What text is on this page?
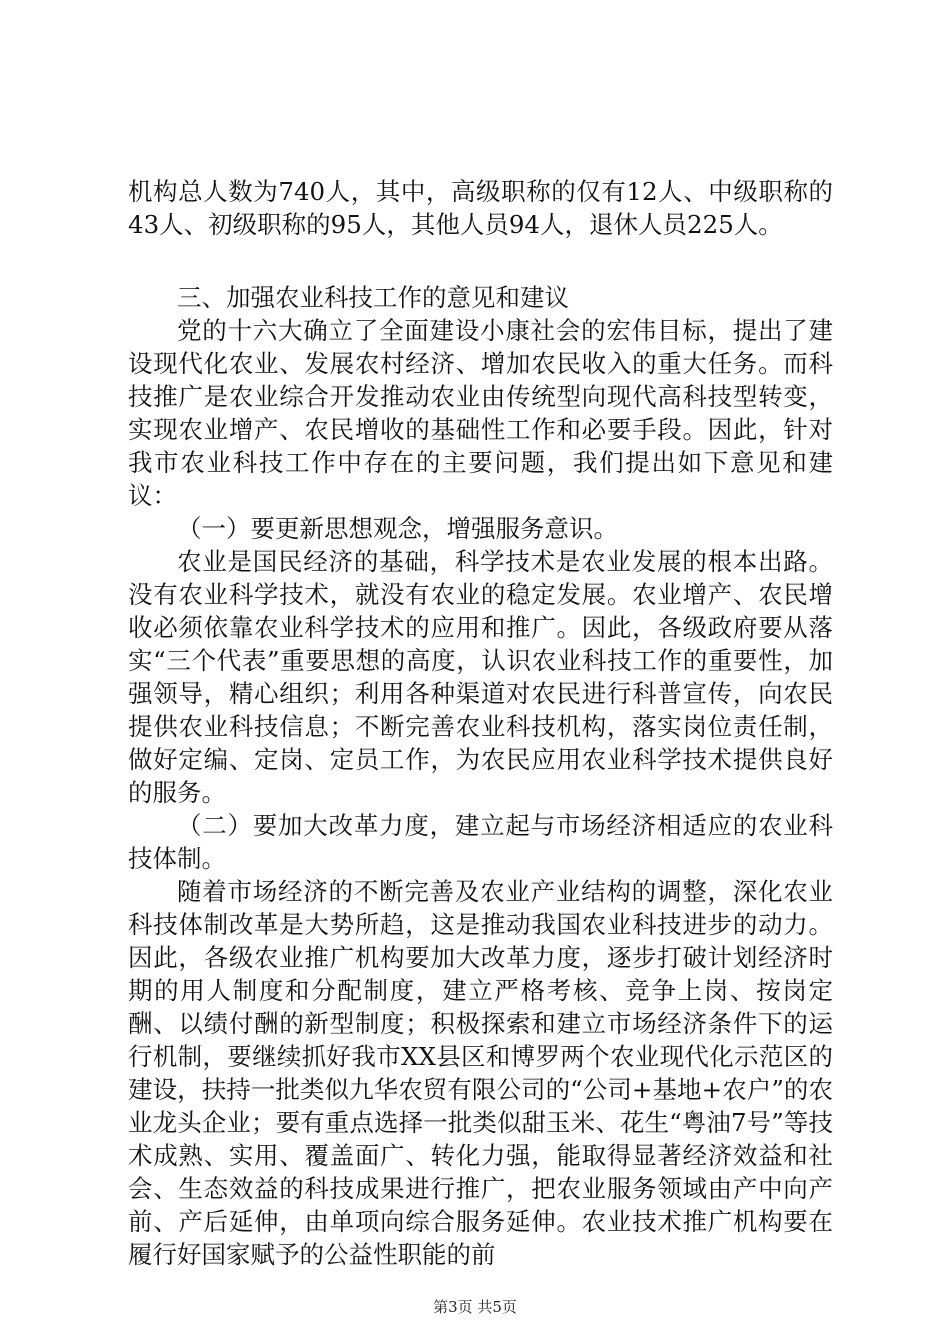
机构总人数为740人，其中，高级职称的仅有12人、中级职称的43人、初级职称的95人，其他人员94人，退休人员225人。

三、加强农业科技工作的意见和建议

党的十六大确立了全面建设小康社会的宏伟目标，提出了建设现代化农业、发展农村经济、增加农民收入的重大任务。而科技推广是农业综合开发推动农业由传统型向现代高科技型转变，实现农业增产、农民增收的基础性工作和必要手段。因此，针对我市农业科技工作中存在的主要问题，我们提出如下意见和建议：

（一）要更新思想观念，增强服务意识。

农业是国民经济的基础，科学技术是农业发展的根本出路。没有农业科学技术，就没有农业的稳定发展。农业增产、农民增收必须依靠农业科学技术的应用和推广。因此，各级政府要从落实“三个代表”重要思想的高度，认识农业科技工作的重要性，加强领导，精心组织；利用各种渠道对农民进行科普宣传，向农民提供农业科技信息；不断完善农业科技机构，落实岗位责任制，做好定编、定岗、定员工作，为农民应用农业科学技术提供良好的服务。

（二）要加大改革力度，建立起与市场经济相适应的农业科技体制。

随着市场经济的不断完善及农业产业结构的调整，深化农业科技体制改革是大势所趋，这是推动我国农业科技进步的动力。因此，各级农业推广机构要加大改革力度，逐步打破计划经济时期的用人制度和分配制度，建立严格考核、竞争上岗、按岗定酬、以绩付酬的新型制度；积极探索和建立市场经济条件下的运行机制，要继续抓好我市XX县区和博罗两个农业现代化示范区的建设，扶持一批类似九华农贸有限公司的“公司+基地+农户”的农业龙头企业；要有重点选择一批类似甜玉米、花生“粤油7号”等技术成熟、实用、覆盖面广、转化力强，能取得显著经济效益和社会、生态效益的科技成果进行推广，把农业服务领域由产中向产前、产后延伸，由单项向综合服务延伸。农业技术推广机构要在履行好国家赋予的公益性职能的前

第3页 共5页
